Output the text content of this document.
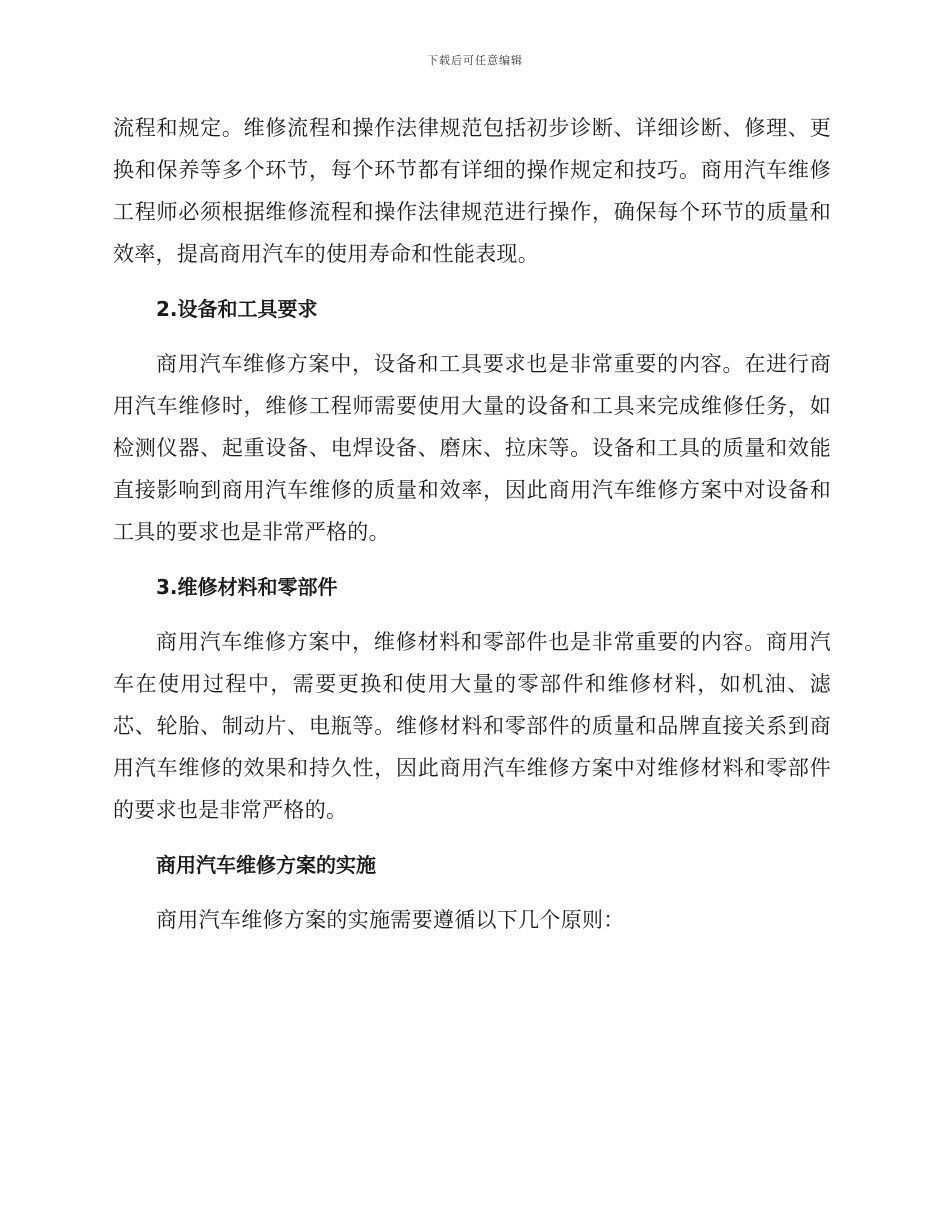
下载后可任意编辑

流程和规定。维修流程和操作法律规范包括初步诊断、详细诊断、修理、更换和保养等多个环节，每个环节都有详细的操作规定和技巧。商用汽车维修工程师必须根据维修流程和操作法律规范进行操作，确保每个环节的质量和效率，提高商用汽车的使用寿命和性能表现。

2.设备和工具要求

商用汽车维修方案中，设备和工具要求也是非常重要的内容。在进行商用汽车维修时，维修工程师需要使用大量的设备和工具来完成维修任务，如检测仪器、起重设备、电焊设备、磨床、拉床等。设备和工具的质量和效能直接影响到商用汽车维修的质量和效率，因此商用汽车维修方案中对设备和工具的要求也是非常严格的。

3.维修材料和零部件

商用汽车维修方案中，维修材料和零部件也是非常重要的内容。商用汽车在使用过程中，需要更换和使用大量的零部件和维修材料，如机油、滤芯、轮胎、制动片、电瓶等。维修材料和零部件的质量和品牌直接关系到商用汽车维修的效果和持久性，因此商用汽车维修方案中对维修材料和零部件的要求也是非常严格的。

商用汽车维修方案的实施

商用汽车维修方案的实施需要遵循以下几个原则：
